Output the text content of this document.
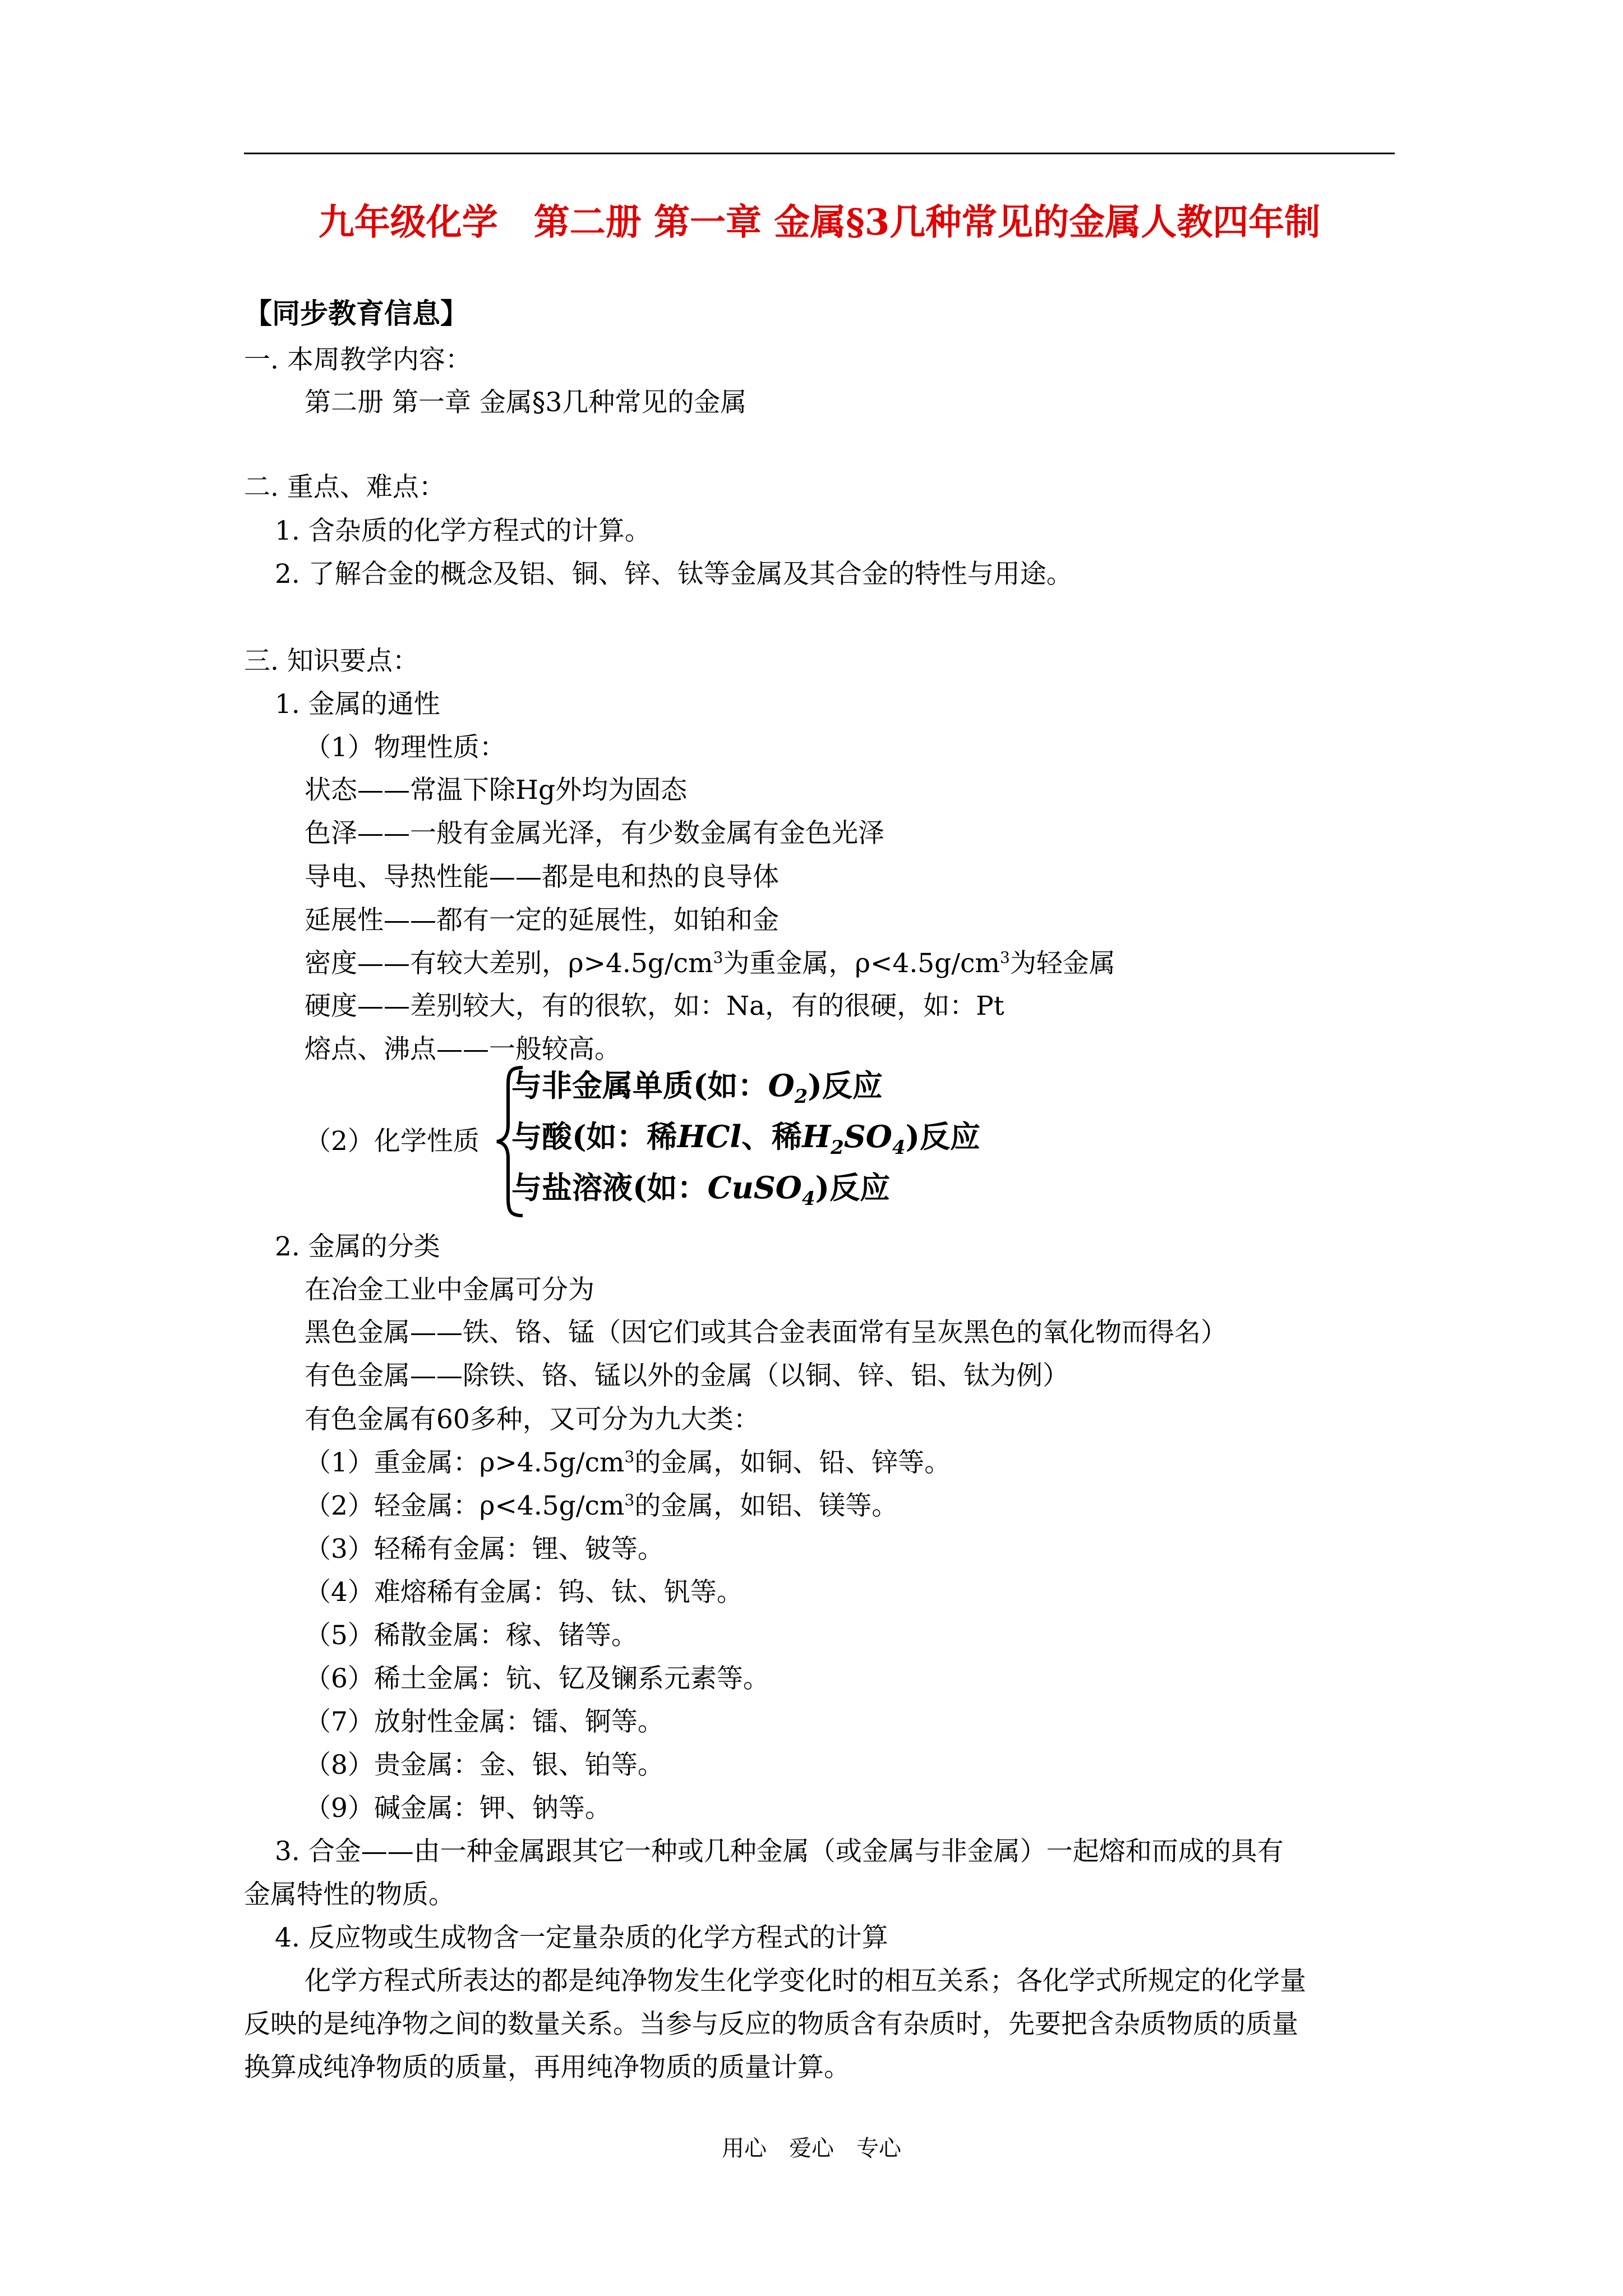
九年级化学　第二册 第一章 金属§3几种常见的金属人教四年制
【同步教育信息】
一. 本周教学内容：
第二册 第一章 金属§3几种常见的金属
二. 重点、难点：
1. 含杂质的化学方程式的计算。
2. 了解合金的概念及铝、铜、锌、钛等金属及其合金的特性与用途。
三. 知识要点：
1. 金属的通性
（1）物理性质：
状态——常温下除Hg外均为固态
色泽——一般有金属光泽，有少数金属有金色光泽
导电、导热性能——都是电和热的良导体
延展性——都有一定的延展性，如铂和金
密度——有较大差别，$\rho>4.5g/cm^3$为重金属，$\rho<4.5g/cm^3$为轻金属
硬度——差别较大，有的很软，如：Na，有的很硬，如：Pt
熔点、沸点——一般较高。
（2）化学性质
与非金属单质(如：$O_2$)反应
与酸(如：稀HCl、稀$H_2SO_4$)反应
与盐溶液(如：CuSO$_4$)反应
2. 金属的分类
在冶金工业中金属可分为
黑色金属——铁、铬、锰（因它们或其合金表面常有呈灰黑色的氧化物而得名）
有色金属——除铁、铬、锰以外的金属（以铜、锌、铝、钛为例）
有色金属有60多种，又可分为九大类：
（1）重金属：$\rho>4.5g/cm^3$的金属，如铜、铅、锌等。
（2）轻金属：$\rho<4.5g/cm^3$的金属，如铝、镁等。
（3）轻稀有金属：锂、铍等。
（4）难熔稀有金属：钨、钛、钒等。
（5）稀散金属：稼、锗等。
（6）稀土金属：钪、钇及镧系元素等。
（7）放射性金属：镭、锕等。
（8）贵金属：金、银、铂等。
（9）碱金属：钾、钠等。
3. 合金——由一种金属跟其它一种或几种金属（或金属与非金属）一起熔和而成的具有
金属特性的物质。
4. 反应物或生成物含一定量杂质的化学方程式的计算
化学方程式所表达的都是纯净物发生化学变化时的相互关系；各化学式所规定的化学量
反映的是纯净物之间的数量关系。当参与反应的物质含有杂质时，先要把含杂质物质的质量
换算成纯净物质的质量，再用纯净物质的质量计算。
用心　爱心　专心
